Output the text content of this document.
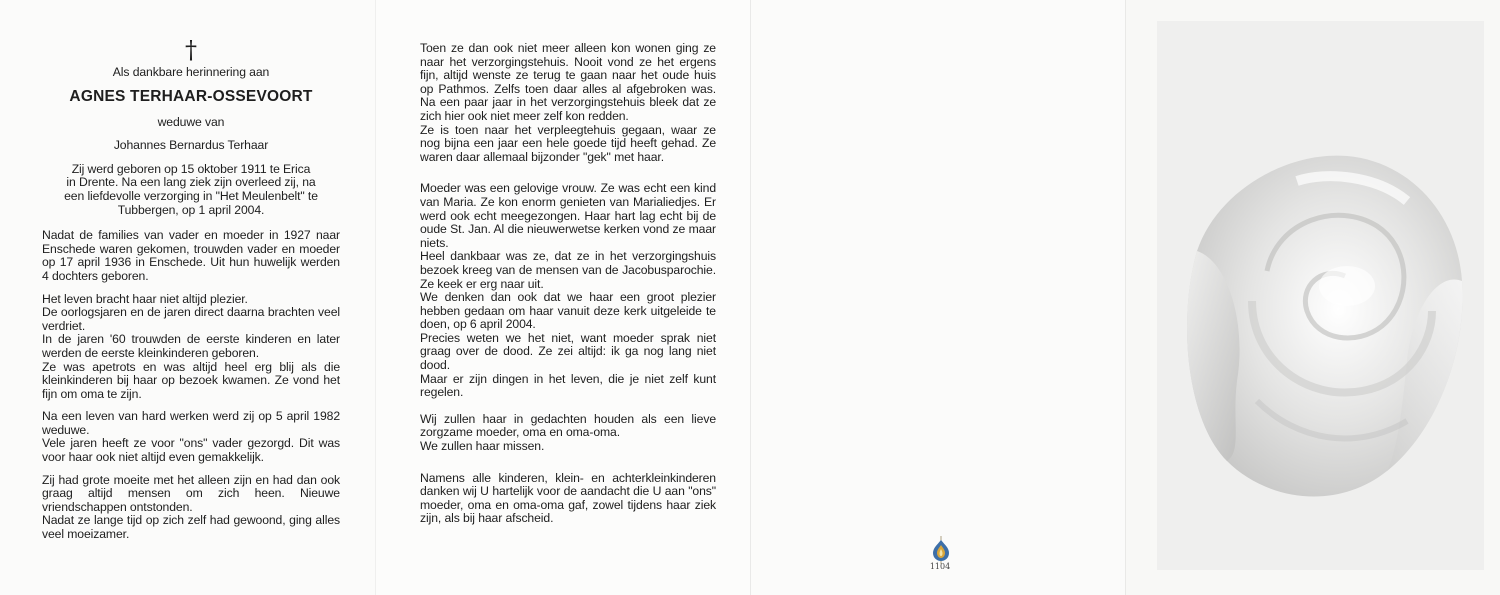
†
Als dankbare herinnering aan
AGNES TERHAAR-OSSEVOORT
weduwe van
Johannes Bernardus Terhaar
Zij werd geboren op 15 oktober 1911 te Erica
in Drente. Na een lang ziek zijn overleed zij, na
een liefdevolle verzorging in "Het Meulenbelt" te
Tubbergen, op 1 april 2004.

Nadat de families van vader en moeder in 1927 naar Enschede waren gekomen, trouwden vader en moeder op 17 april 1936 in Enschede. Uit hun huwelijk werden 4 dochters geboren.

Het leven bracht haar niet altijd plezier.
De oorlogsjaren en de jaren direct daarna brachten veel verdriet.
In de jaren '60 trouwden de eerste kinderen en later werden de eerste kleinkinderen geboren.
Ze was apetrots en was altijd heel erg blij als die kleinkinderen bij haar op bezoek kwamen. Ze vond het fijn om oma te zijn.

Na een leven van hard werken werd zij op 5 april 1982 weduwe.
Vele jaren heeft ze voor "ons" vader gezorgd. Dit was voor haar ook niet altijd even gemakkelijk.

Zij had grote moeite met het alleen zijn en had dan ook graag altijd mensen om zich heen. Nieuwe vriendschappen ontstonden.
Nadat ze lange tijd op zich zelf had gewoond, ging alles veel moeizamer.

Toen ze dan ook niet meer alleen kon wonen ging ze naar het verzorgingstehuis. Nooit vond ze het ergens fijn, altijd wenste ze terug te gaan naar het oude huis op Pathmos. Zelfs toen daar alles al afgebroken was. Na een paar jaar in het verzorgingstehuis bleek dat ze zich hier ook niet meer zelf kon redden.
Ze is toen naar het verpleegtehuis gegaan, waar ze nog bijna een jaar een hele goede tijd heeft gehad. Ze waren daar allemaal bijzonder "gek" met haar.

Moeder was een gelovige vrouw. Ze was echt een kind van Maria. Ze kon enorm genieten van Marialiedjes. Er werd ook echt meegezongen. Haar hart lag echt bij de oude St. Jan. Al die nieuwerwetse kerken vond ze maar niets.
Heel dankbaar was ze, dat ze in het verzorgingshuis bezoek kreeg van de mensen van de Jacobusparochie. Ze keek er erg naar uit.
We denken dan ook dat we haar een groot plezier hebben gedaan om haar vanuit deze kerk uitgeleide te doen, op 6 april 2004.
Precies weten we het niet, want moeder sprak niet graag over de dood. Ze zei altijd: ik ga nog lang niet dood.
Maar er zijn dingen in het leven, die je niet zelf kunt regelen.

Wij zullen haar in gedachten houden als een lieve zorgzame moeder, oma en oma-oma.
We zullen haar missen.

Namens alle kinderen, klein- en achterkleinkinderen danken wij U hartelijk voor de aandacht die U aan "ons" moeder, oma en oma-oma gaf, zowel tijdens haar ziek zijn, als bij haar afscheid.

1104
